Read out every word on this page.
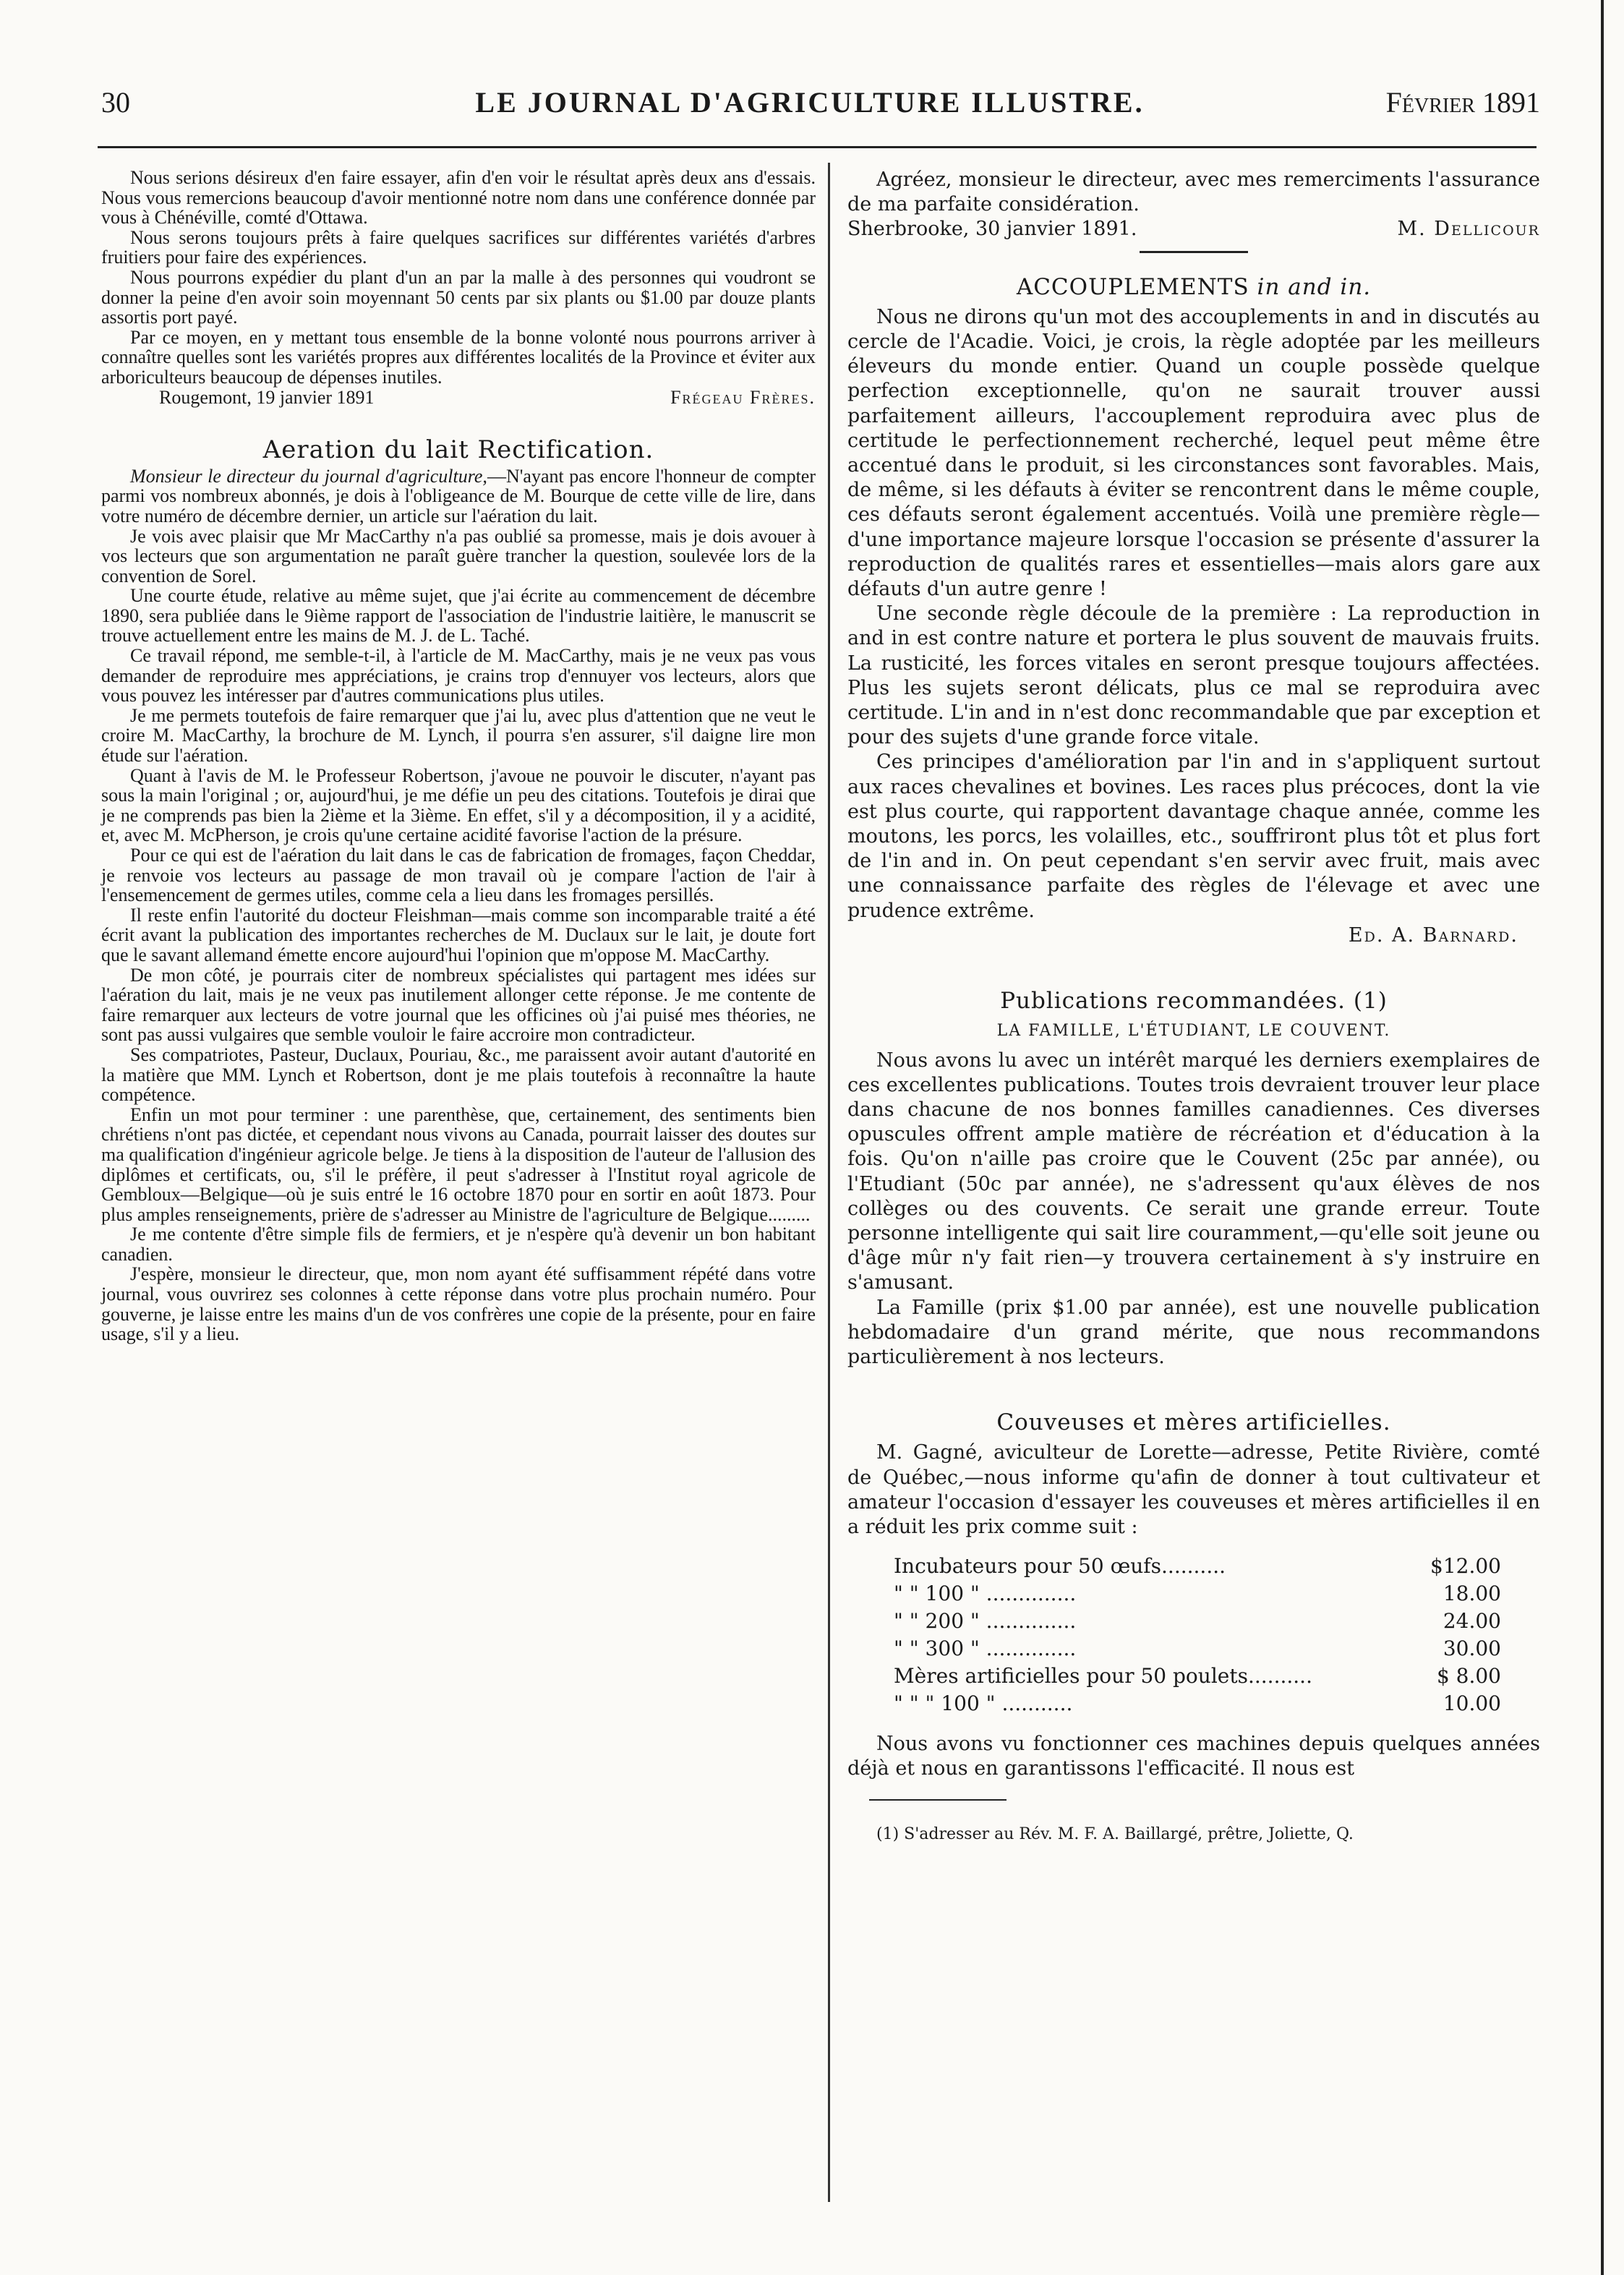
30	LE JOURNAL D'AGRICULTURE ILLUSTRE.	Février 1891

Nous serions désireux d'en faire essayer, afin d'en voir le résultat après deux ans d'essais. Nous vous remercions beaucoup d'avoir mentionné notre nom dans une conférence donnée par vous à Chénéville, comté d'Ottawa.

Nous serons toujours prêts à faire quelques sacrifices sur différentes variétés d'arbres fruitiers pour faire des expériences.

Nous pourrons expédier du plant d'un an par la malle à des personnes qui voudront se donner la peine d'en avoir soin moyennant 50 cents par six plants ou $1.00 par douze plants assortis port payé.

Par ce moyen, en y mettant tous ensemble de la bonne volonté nous pourrons arriver à connaître quelles sont les variétés propres aux différentes localités de la Province et éviter aux arboriculteurs beaucoup de dépenses inutiles.

Rougemont, 19 janvier 1891	Frégeau Frères.
Aeration du lait Rectification.

Monsieur le directeur du journal d'agriculture,—N'ayant pas encore l'honneur de compter parmi vos nombreux abonnés, je dois à l'obligeance de M. Bourque de cette ville de lire, dans votre numéro de décembre dernier, un article sur l'aération du lait.

Je vois avec plaisir que Mr MacCarthy n'a pas oublié sa promesse, mais je dois avouer à vos lecteurs que son argumentation ne paraît guère trancher la question, soulevée lors de la convention de Sorel.

Une courte étude, relative au même sujet, que j'ai écrite au commencement de décembre 1890, sera publiée dans le 9ième rapport de l'association de l'industrie laitière, le manuscrit se trouve actuellement entre les mains de M. J. de L. Taché.

Ce travail répond, me semble-t-il, à l'article de M. MacCarthy, mais je ne veux pas vous demander de reproduire mes appréciations, je crains trop d'ennuyer vos lecteurs, alors que vous pouvez les intéresser par d'autres communications plus utiles.

Je me permets toutefois de faire remarquer que j'ai lu, avec plus d'attention que ne veut le croire M. MacCarthy, la brochure de M. Lynch, il pourra s'en assurer, s'il daigne lire mon étude sur l'aération.

Quant à l'avis de M. le Professeur Robertson, j'avoue ne pouvoir le discuter, n'ayant pas sous la main l'original ; or, aujourd'hui, je me défie un peu des citations. Toutefois je dirai que je ne comprends pas bien la 2ième et la 3ième. En effet, s'il y a décomposition, il y a acidité, et, avec M. McPherson, je crois qu'une certaine acidité favorise l'action de la présure.

Pour ce qui est de l'aération du lait dans le cas de fabrication de fromages, façon Cheddar, je renvoie vos lecteurs au passage de mon travail où je compare l'action de l'air à l'ensemencement de germes utiles, comme cela a lieu dans les fromages persillés.

Il reste enfin l'autorité du docteur Fleishman—mais comme son incomparable traité a été écrit avant la publication des importantes recherches de M. Duclaux sur le lait, je doute fort que le savant allemand émette encore aujourd'hui l'opinion que m'oppose M. MacCarthy.

De mon côté, je pourrais citer de nombreux spécialistes qui partagent mes idées sur l'aération du lait, mais je ne veux pas inutilement allonger cette réponse. Je me contente de faire remarquer aux lecteurs de votre journal que les officines où j'ai puisé mes théories, ne sont pas aussi vulgaires que semble vouloir le faire accroire mon contradicteur.

Ses compatriotes, Pasteur, Duclaux, Pouriau, &c., me paraissent avoir autant d'autorité en la matière que MM. Lynch et Robertson, dont je me plais toutefois à reconnaître la haute compétence.

Enfin un mot pour terminer : une parenthèse, que, certainement, des sentiments bien chrétiens n'ont pas dictée, et cependant nous vivons au Canada, pourrait laisser des doutes sur ma qualification d'ingénieur agricole belge. Je tiens à la disposition de l'auteur de l'allusion des diplômes et certificats, ou, s'il le préfère, il peut s'adresser à l'Institut royal agricole de Gembloux—Belgique—où je suis entré le 16 octobre 1870 pour en sortir en août 1873. Pour plus amples renseignements, prière de s'adresser au Ministre de l'agriculture de Belgique.........

Je me contente d'être simple fils de fermiers, et je n'espère qu'à devenir un bon habitant canadien.

J'espère, monsieur le directeur, que, mon nom ayant été suffisamment répété dans votre journal, vous ouvrirez ses colonnes à cette réponse dans votre plus prochain numéro. Pour gouverne, je laisse entre les mains d'un de vos confrères une copie de la présente, pour en faire usage, s'il y a lieu.

Agréez, monsieur le directeur, avec mes remerciments l'assurance de ma parfaite considération.

Sherbrooke, 30 janvier 1891.	M. Dellicour
ACCOUPLEMENTS in and in.

Nous ne dirons qu'un mot des accouplements in and in discutés au cercle de l'Acadie. Voici, je crois, la règle adoptée par les meilleurs éleveurs du monde entier. Quand un couple possède quelque perfection exceptionnelle, qu'on ne saurait trouver aussi parfaitement ailleurs, l'accouplement reproduira avec plus de certitude le perfectionnement recherché, lequel peut même être accentué dans le produit, si les circonstances sont favorables. Mais, de même, si les défauts à éviter se rencontrent dans le même couple, ces défauts seront également accentués. Voilà une première règle—d'une importance majeure lorsque l'occasion se présente d'assurer la reproduction de qualités rares et essentielles—mais alors gare aux défauts d'un autre genre !

Une seconde règle découle de la première : La reproduction in and in est contre nature et portera le plus souvent de mauvais fruits. La rusticité, les forces vitales en seront presque toujours affectées. Plus les sujets seront délicats, plus ce mal se reproduira avec certitude. L'in and in n'est donc recommandable que par exception et pour des sujets d'une grande force vitale.

Ces principes d'amélioration par l'in and in s'appliquent surtout aux races chevalines et bovines. Les races plus précoces, dont la vie est plus courte, qui rapportent davantage chaque année, comme les moutons, les porcs, les volailles, etc., souffriront plus tôt et plus fort de l'in and in. On peut cependant s'en servir avec fruit, mais avec une connaissance parfaite des règles de l'élevage et avec une prudence extrême.

Ed. A. Barnard.
Publications recommandées. (1)
LA FAMILLE, L'ÉTUDIANT, LE COUVENT.

Nous avons lu avec un intérêt marqué les derniers exemplaires de ces excellentes publications. Toutes trois devraient trouver leur place dans chacune de nos bonnes familles canadiennes. Ces diverses opuscules offrent ample matière de récréation et d'éducation à la fois. Qu'on n'aille pas croire que le Couvent (25c par année), ou l'Etudiant (50c par année), ne s'adressent qu'aux élèves de nos collèges ou des couvents. Ce serait une grande erreur. Toute personne intelligente qui sait lire couramment,—qu'elle soit jeune ou d'âge mûr n'y fait rien—y trouvera certainement à s'y instruire en s'amusant.

La Famille (prix $1.00 par année), est une nouvelle publication hebdomadaire d'un grand mérite, que nous recommandons particulièrement à nos lecteurs.

Couveuses et mères artificielles.

M. Gagné, aviculteur de Lorette—adresse, Petite Rivière, comté de Québec,—nous informe qu'afin de donner à tout cultivateur et amateur l'occasion d'essayer les couveuses et mères artificielles il en a réduit les prix comme suit :

Incubateurs pour 50 œufs..........	$12.00
" " 100 " ..............	18.00
" " 200 " ..............	24.00
" " 300 " ..............	30.00
Mères artificielles pour 50 poulets..........	$ 8.00
" " " 100 " ...........	10.00

Nous avons vu fonctionner ces machines depuis quelques années déjà et nous en garantissons l'efficacité. Il nous est

(1) S'adresser au Rév. M. F. A. Baillargé, prêtre, Joliette, Q.
